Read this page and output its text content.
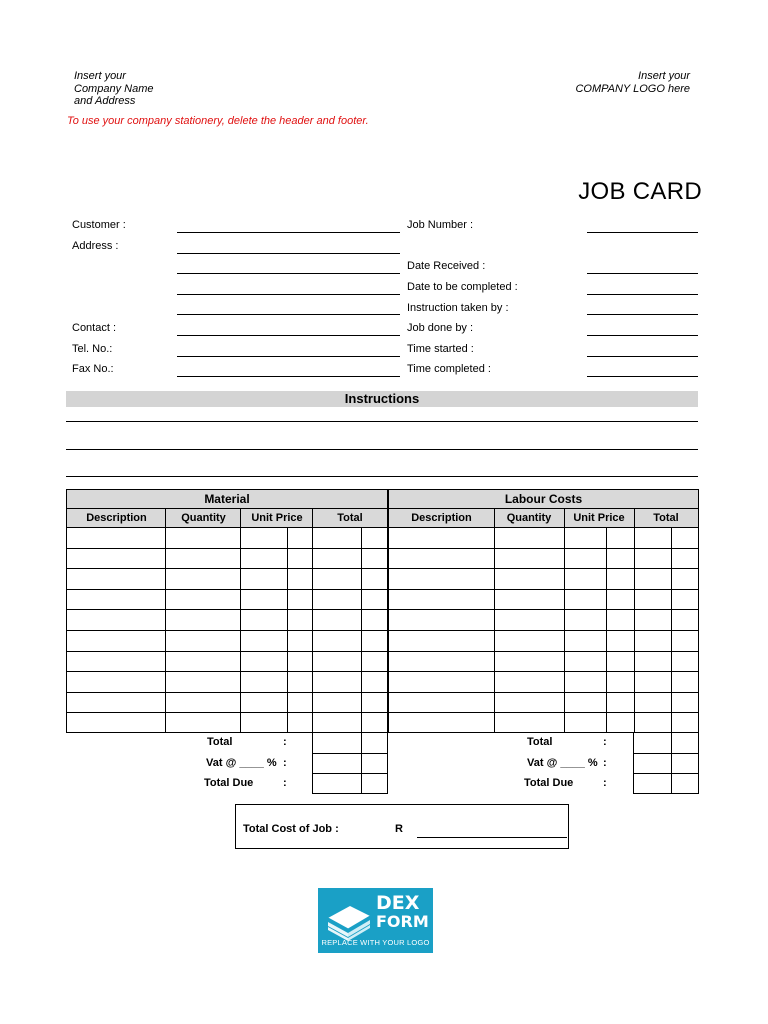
Insert your
Company Name
and Address
Insert your
COMPANY LOGO here
To use your company stationery, delete the header and footer.
JOB CARD
Customer :
Address :
Contact :
Tel. No.:
Fax No.:
Job Number :
Date Received :
Date to be completed :
Instruction taken by :
Job done by :
Time started :
Time completed :
Instructions
Material
Description	Quantity	Unit Price	Total
Labour Costs
Description	Quantity	Unit Price	Total
Total	:
Vat @ ____ % :
Total Due	:
Total	:
Vat @ ____ % :
Total Due	:
Total Cost of Job :	R
DEX
FORM
REPLACE WITH YOUR LOGO
